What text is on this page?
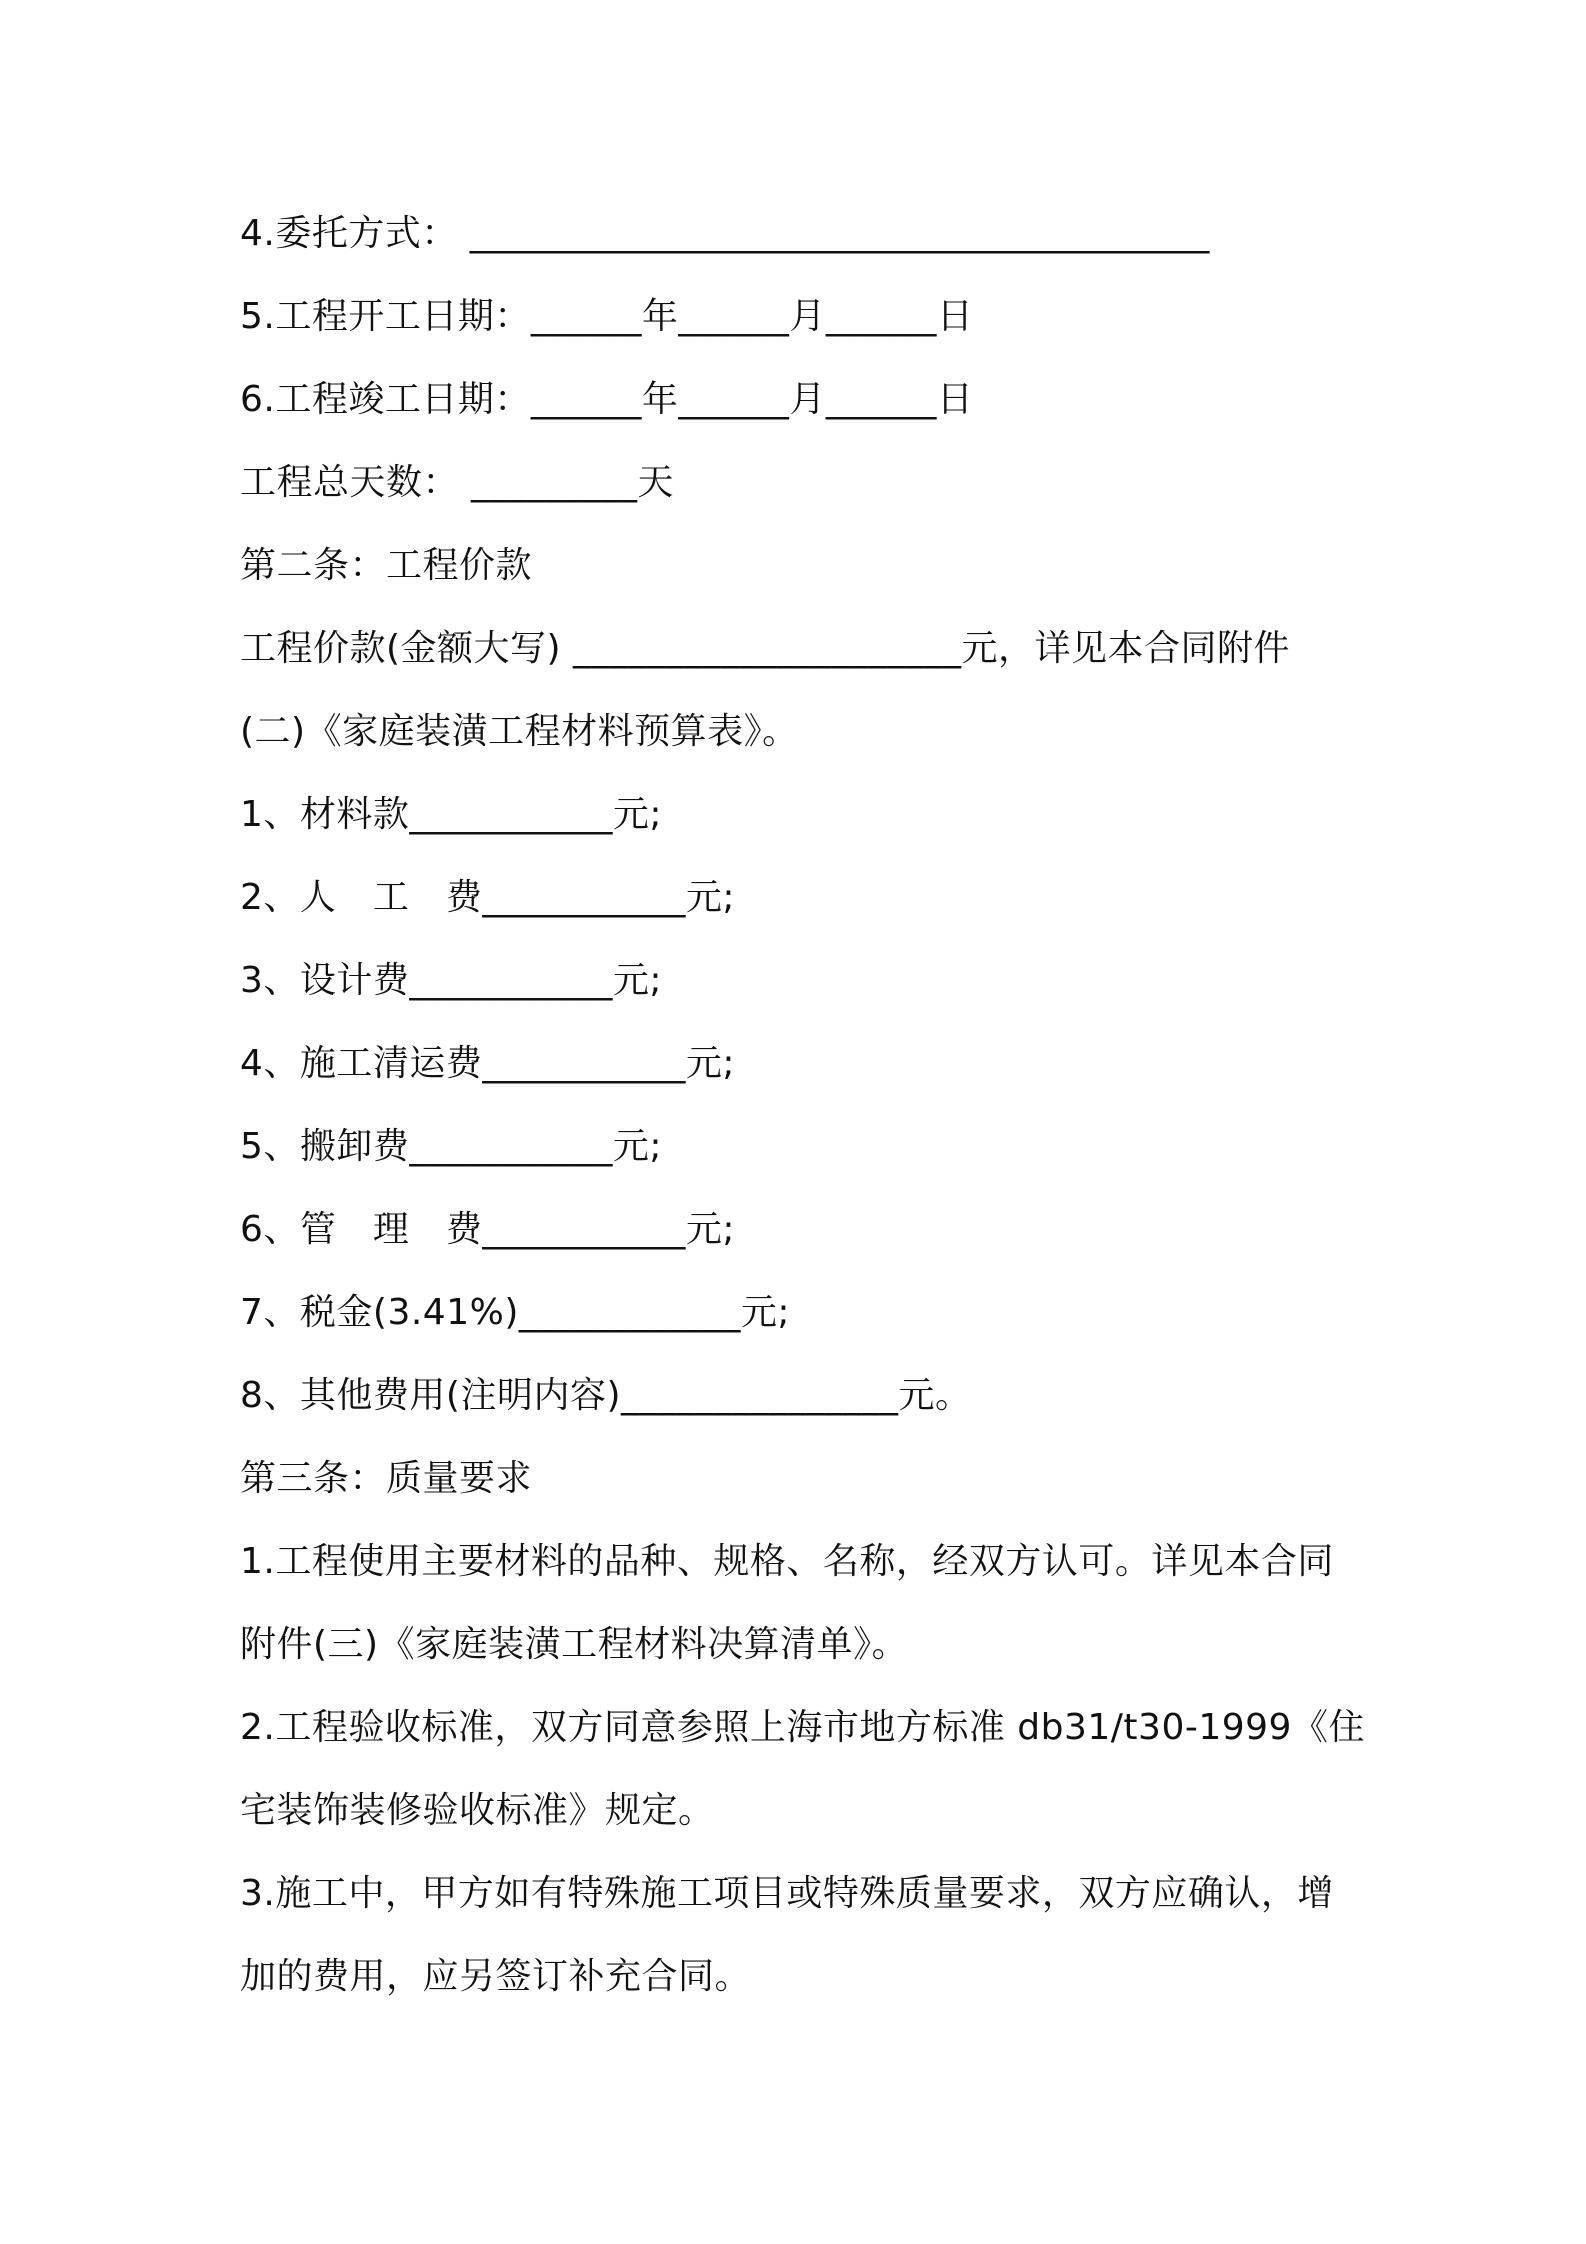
4.委托方式： ________________________________________
5.工程开工日期：______年______月______日
6.工程竣工日期：______年______月______日
工程总天数： _________天
第二条：工程价款
工程价款(金额大写) _____________________元，详见本合同附件
(二)《家庭装潢工程材料预算表》。
1、材料款___________元;
2、人　工　费___________元;
3、设计费___________元;
4、施工清运费___________元;
5、搬卸费___________元;
6、管　理　费___________元;
7、税金(3.41%)____________元;
8、其他费用(注明内容)_______________元。
第三条：质量要求
1.工程使用主要材料的品种、规格、名称，经双方认可。详见本合同
附件(三)《家庭装潢工程材料决算清单》。
2.工程验收标准，双方同意参照上海市地方标准 db31/t30-1999《住
宅装饰装修验收标准》规定。
3.施工中，甲方如有特殊施工项目或特殊质量要求，双方应确认，增
加的费用，应另签订补充合同。
